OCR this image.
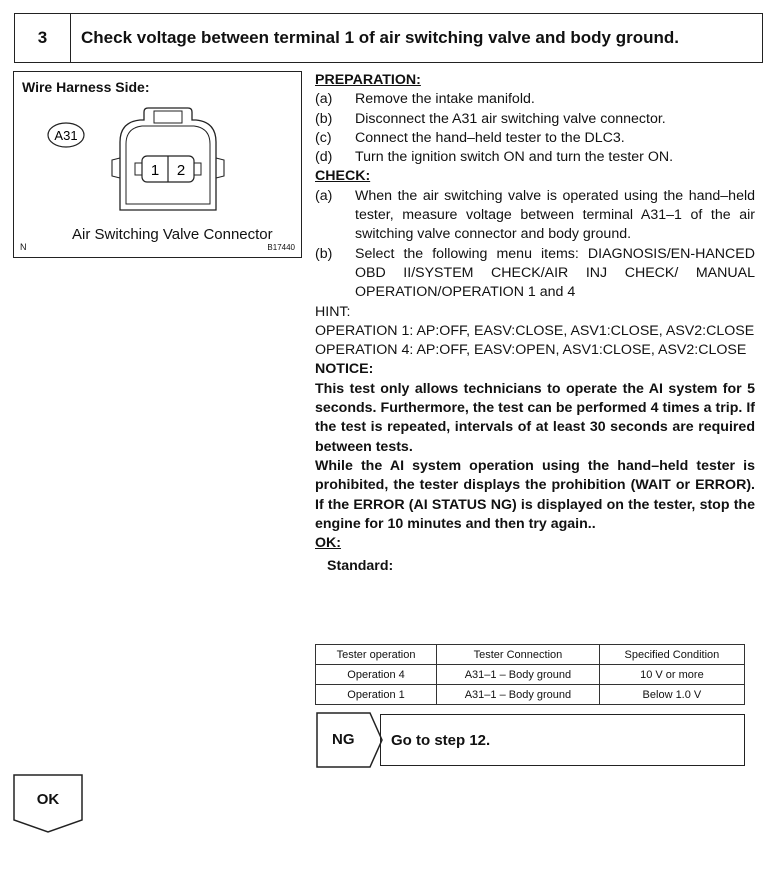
3	Check voltage between terminal 1 of air switching valve and body ground.
A31
1 2
Wire Harness Side:
Air Switching Valve Connector
N	B17440
PREPARATION:
(a)	Remove the intake manifold.
(b)	Disconnect the A31 air switching valve connector.
(c)	Connect the hand–held tester to the DLC3.
(d)	Turn the ignition switch ON and turn the tester ON.
CHECK:
(a)	When the air switching valve is operated using the hand–held tester, measure voltage between terminal A31–1 of the air switching valve connector and body ground.
(b)	Select the following menu items: DIAGNOSIS/EN-HANCED OBD II/SYSTEM CHECK/AIR INJ CHECK/ MANUAL OPERATION/OPERATION 1 and 4
HINT:
OPERATION 1: AP:OFF, EASV:CLOSE, ASV1:CLOSE, ASV2:CLOSE
OPERATION 4: AP:OFF, EASV:OPEN, ASV1:CLOSE, ASV2:CLOSE
NOTICE:
This test only allows technicians to operate the AI system for 5 seconds. Furthermore, the test can be performed 4 times a trip. If the test is repeated, intervals of at least 30 seconds are required between tests.
While the AI system operation using the hand–held tester is prohibited, the tester displays the prohibition (WAIT or ERROR). If the ERROR (AI STATUS NG) is displayed on the tester, stop the engine for 10 minutes and then try again..
OK:
Standard:
Tester operation	Tester Connection	Specified Condition
Operation 4	A31–1 – Body ground	10 V or more
Operation 1	A31–1 – Body ground	Below 1.0 V
NG	Go to step 12.
OK
